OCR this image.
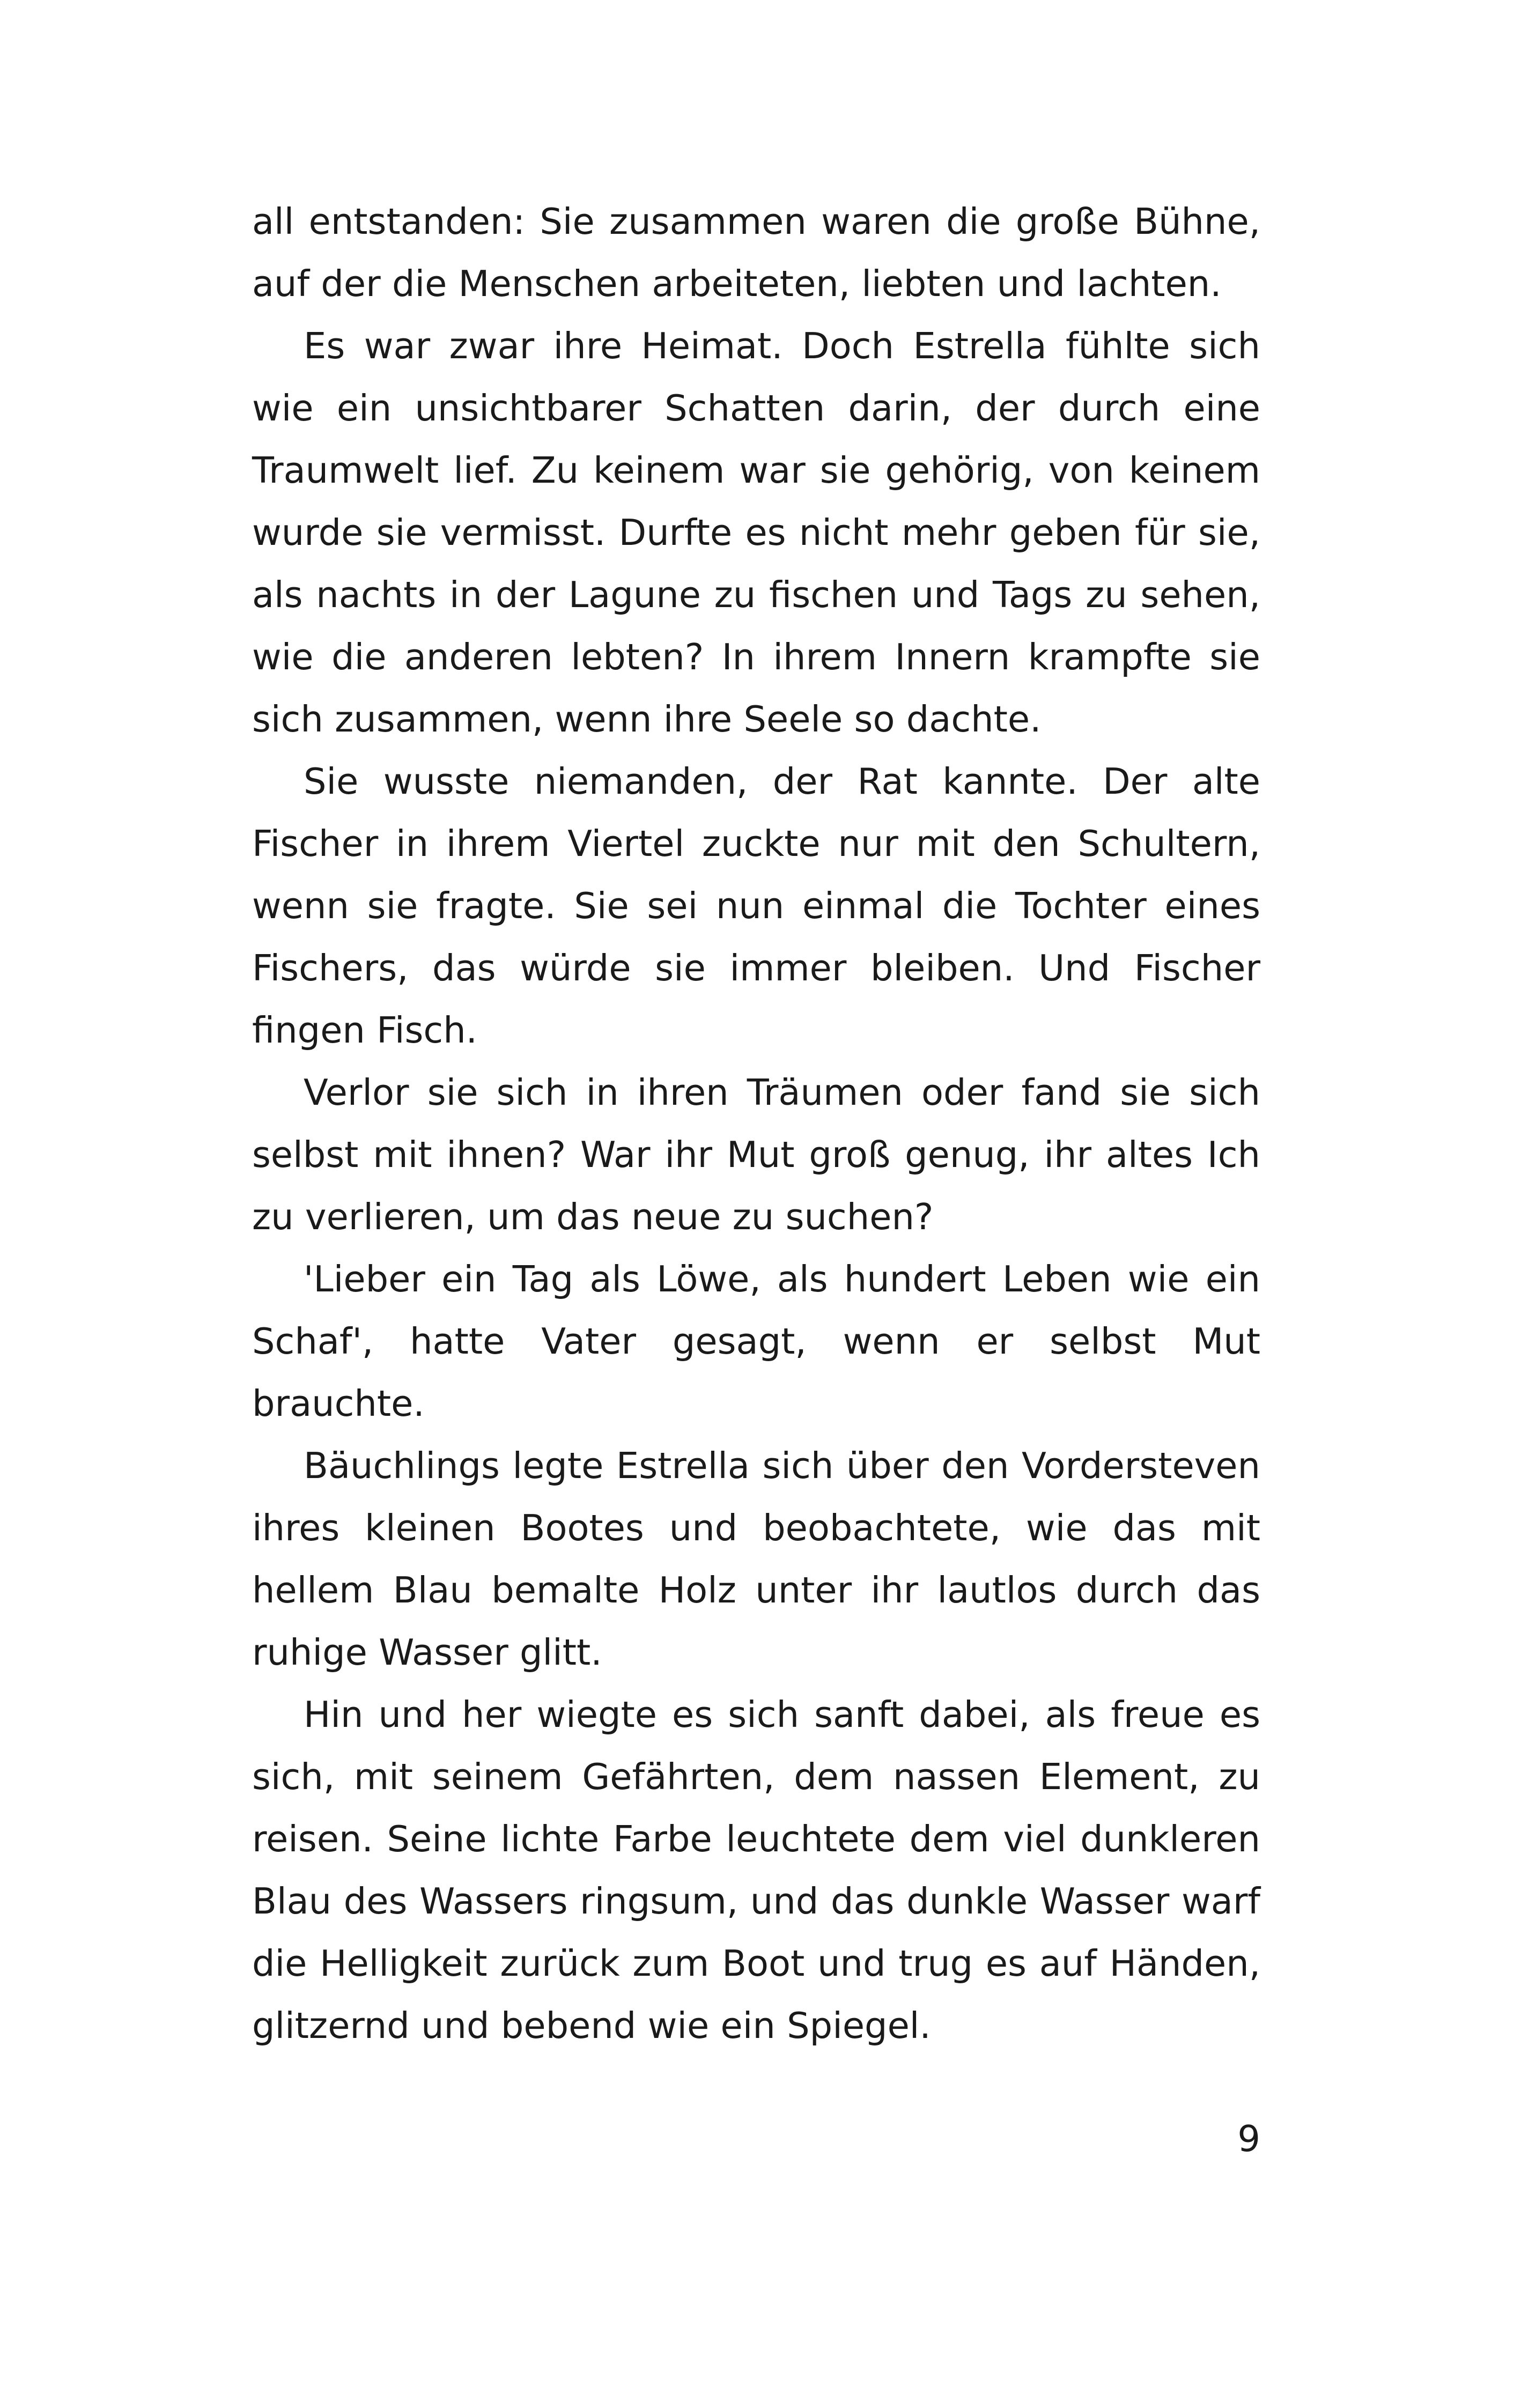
all entstanden: Sie zusammen waren die große Bühne, auf der die Menschen arbeiteten, liebten und lachten.

Es war zwar ihre Heimat. Doch Estrella fühlte sich wie ein unsichtbarer Schatten darin, der durch eine Traumwelt lief. Zu keinem war sie gehörig, von keinem wurde sie vermisst. Durfte es nicht mehr geben für sie, als nachts in der Lagune zu fischen und Tags zu sehen, wie die anderen lebten? In ihrem Innern krampfte sie sich zusammen, wenn ihre Seele so dachte.

Sie wusste niemanden, der Rat kannte. Der alte Fischer in ihrem Viertel zuckte nur mit den Schultern, wenn sie fragte. Sie sei nun einmal die Tochter eines Fischers, das würde sie immer bleiben. Und Fischer fingen Fisch.

Verlor sie sich in ihren Träumen oder fand sie sich selbst mit ihnen? War ihr Mut groß genug, ihr altes Ich zu verlieren, um das neue zu suchen?

'Lieber ein Tag als Löwe, als hundert Leben wie ein Schaf', hatte Vater gesagt, wenn er selbst Mut brauchte.

Bäuchlings legte Estrella sich über den Vordersteven ihres kleinen Bootes und beobachtete, wie das mit hellem Blau bemalte Holz unter ihr lautlos durch das ruhige Wasser glitt.

Hin und her wiegte es sich sanft dabei, als freue es sich, mit seinem Gefährten, dem nassen Element, zu reisen. Seine lichte Farbe leuchtete dem viel dunkleren Blau des Wassers ringsum, und das dunkle Wasser warf die Helligkeit zurück zum Boot und trug es auf Händen, glitzernd und bebend wie ein Spiegel.

9
